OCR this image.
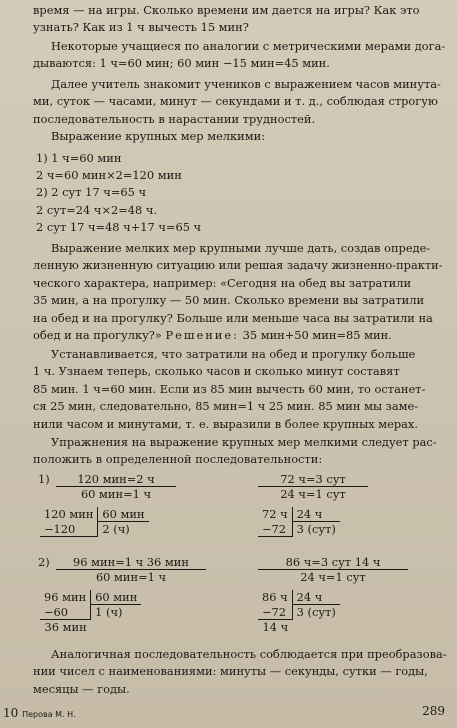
время — на игры. Сколько времени им дается на игры? Как это
узнать? Как из 1 ч вычесть 15 мин?

Некоторые учащиеся по аналогии с метрическими мерами дога-
дываются: 1 ч=60 мин; 60 мин −15 мин=45 мин.

Далее учитель знакомит учеников с выражением часов минута-
ми, суток — часами, минут — секундами и т. д., соблюдая строгую
последовательность в нарастании трудностей.

Выражение крупных мер мелкими:

1) 1 ч=60 мин
2 ч=60 мин×2=120 мин
2) 2 сут 17 ч=65 ч
2 сут=24 ч×2=48 ч.
2 сут 17 ч=48 ч+17 ч=65 ч

Выражение мелких мер крупными лучше дать, создав опреде-
ленную жизненную ситуацию или решая задачу жизненно-практи-
ческого характера, например: «Сегодня на обед вы затратили
35 мин, а на прогулку — 50 мин. Сколько времени вы затратили
на обед и на прогулку? Больше или меньше часа вы затратили на
обед и на прогулку?» Решение: 35 мин+50 мин=85 мин.

Устанавливается, что затратили на обед и прогулку больше
1 ч. Узнаем теперь, сколько часов и сколько минут составят
85 мин. 1 ч=60 мин. Если из 85 мин вычесть 60 мин, то останет-
ся 25 мин, следовательно, 85 мин=1 ч 25 мин. 85 мин мы заме-
нили часом и минутами, т. е. выразили в более крупных мерах.

Упражнения на выражение крупных мер мелкими следует рас-
положить в определенной последовательности:

$1) \frac{\text{120 мин=2 ч}}{\text{60 мин=1 ч}}$	$\frac{\text{72 ч=3 сут}}{\text{24 ч=1 сут}}$
120 мин	60 мин
−120	2 (ч)
72 ч	24 ч
−72	3 (сут)
$2) \frac{\text{96 мин=1 ч 36 мин}}{\text{60 мин=1 ч}}$	$\frac{\text{86 ч=3 сут 14 ч}}{\text{24 ч=1 сут}}$
96 мин	60 мин
−60	1 (ч)
36 мин	
86 ч	24 ч
−72	3 (сут)
14 ч	

Аналогичная последовательность соблюдается при преобразова-
нии чисел с наименованиями: минуты — секунды, сутки — годы,
месяцы — годы.

10 Перова М. Н.	289
